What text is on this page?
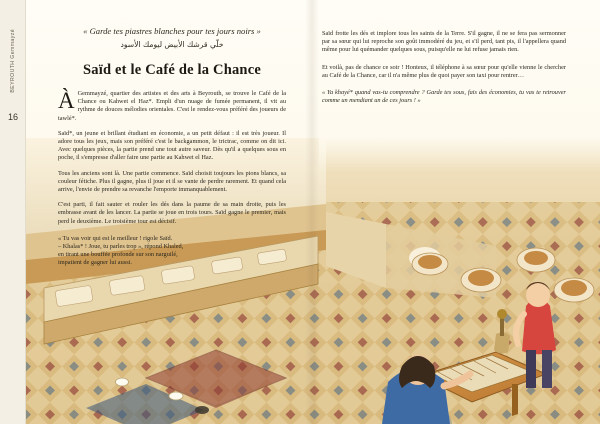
BEYROUTH Gemmayzé
16
« Garde tes piastres blanches pour tes jours noirs »
خلّي قرشك الأبيض ليومك الأسود
Saïd et le Café de la Chance

À Gemmayzé, quartier des artistes et des arts à Beyrouth, se trouve le Café de la Chance ou Kahwet el Haz*. Empli d'un nuage de fumée permanent, il vit au rythme de douces mélodies orientales. C'est le rendez-vous préféré des joueurs de tawlé*.

Saïd*, un jeune et brillant étudiant en économie, a un petit défaut : il est très joueur. Il adore tous les jeux, mais son préféré c'est le backgammon, le trictrac, comme on dit ici. Avec quelques pièces, la partie prend une tout autre saveur. Dès qu'il a quelques sous en poche, il s'empresse d'aller faire une partie au Kahwet el Haz.

Tous les anciens sont là. Une partie commence. Saïd choisit toujours les pions blancs, sa couleur fétiche. Plus il gagne, plus il joue et il se vante de perdre rarement. Et quand cela arrive, l'envie de prendre sa revanche l'emporte immanquablement.

C'est parti, il fait sauter et rouler les dés dans la paume de sa main droite, puis les embrasse avant de les lancer. La partie se joue en trois tours. Saïd gagne le premier, mais perd le deuxième. Le troisième tour est décisif.

« Tu vas voir qui est le meilleur ! rigole Saïd.

– Khalas* ! Joue, tu parles trop », répond Khaled,

en tirant une bouffée profonde sur son narguilé,

impatient de gagner lui aussi.

Saïd frotte les dés et implore tous les saints de la Terre. S'il gagne, il ne se fera pas sermonner par sa sœur qui lui reproche son goût immodéré du jeu, et s'il perd, tant pis, il l'appellera quand même pour lui quémander quelques sous, puisqu'elle ne lui refuse jamais rien.

Et voilà, pas de chance ce soir ! Honteux, il téléphone à sa sœur pour qu'elle vienne le chercher au Café de la Chance, car il n'a même plus de quoi payer son taxi pour rentrer…

« Ya khayé* quand vas-tu comprendre ? Garde tes sous, fais des économies, tu vas te retrouver comme un mendiant un de ces jours ! »
